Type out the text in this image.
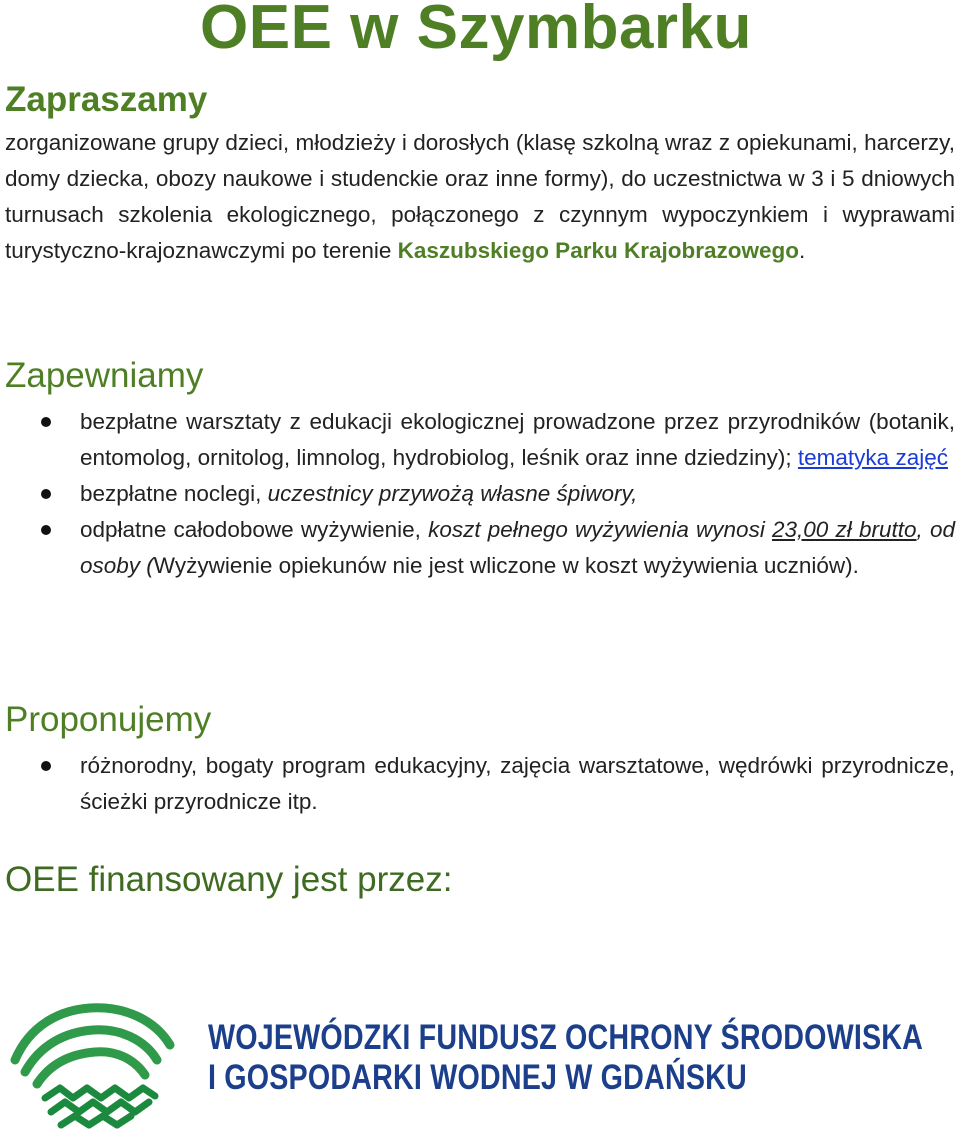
OEE w Szymbarku
Zapraszamy

zorganizowane grupy dzieci, młodzieży i dorosłych (klasę szkolną wraz z opiekunami, harcerzy, domy dziecka, obozy naukowe i studenckie oraz inne formy), do uczestnictwa w 3 i 5 dniowych turnusach szkolenia ekologicznego, połączonego z czynnym wypoczynkiem i wyprawami turystyczno-krajoznawczymi po terenie Kaszubskiego Parku Krajobrazowego.

Zapewniamy
bezpłatne warsztaty z edukacji ekologicznej prowadzone przez przyrodników (botanik, entomolog, ornitolog, limnolog, hydrobiolog, leśnik oraz inne dziedziny); tematyka zajęć
bezpłatne noclegi, uczestnicy przywożą własne śpiwory,
odpłatne całodobowe wyżywienie, koszt pełnego wyżywienia wynosi 23,00 zł brutto, od osoby (Wyżywienie opiekunów nie jest wliczone w koszt wyżywienia uczniów).
Proponujemy
różnorodny, bogaty program edukacyjny, zajęcia warsztatowe, wędrówki przyrodnicze, ścieżki przyrodnicze itp.
OEE finansowany jest przez:
WOJEWÓDZKI FUNDUSZ OCHRONY ŚRODOWISKA
I GOSPODARKI WODNEJ W GDAŃSKU
